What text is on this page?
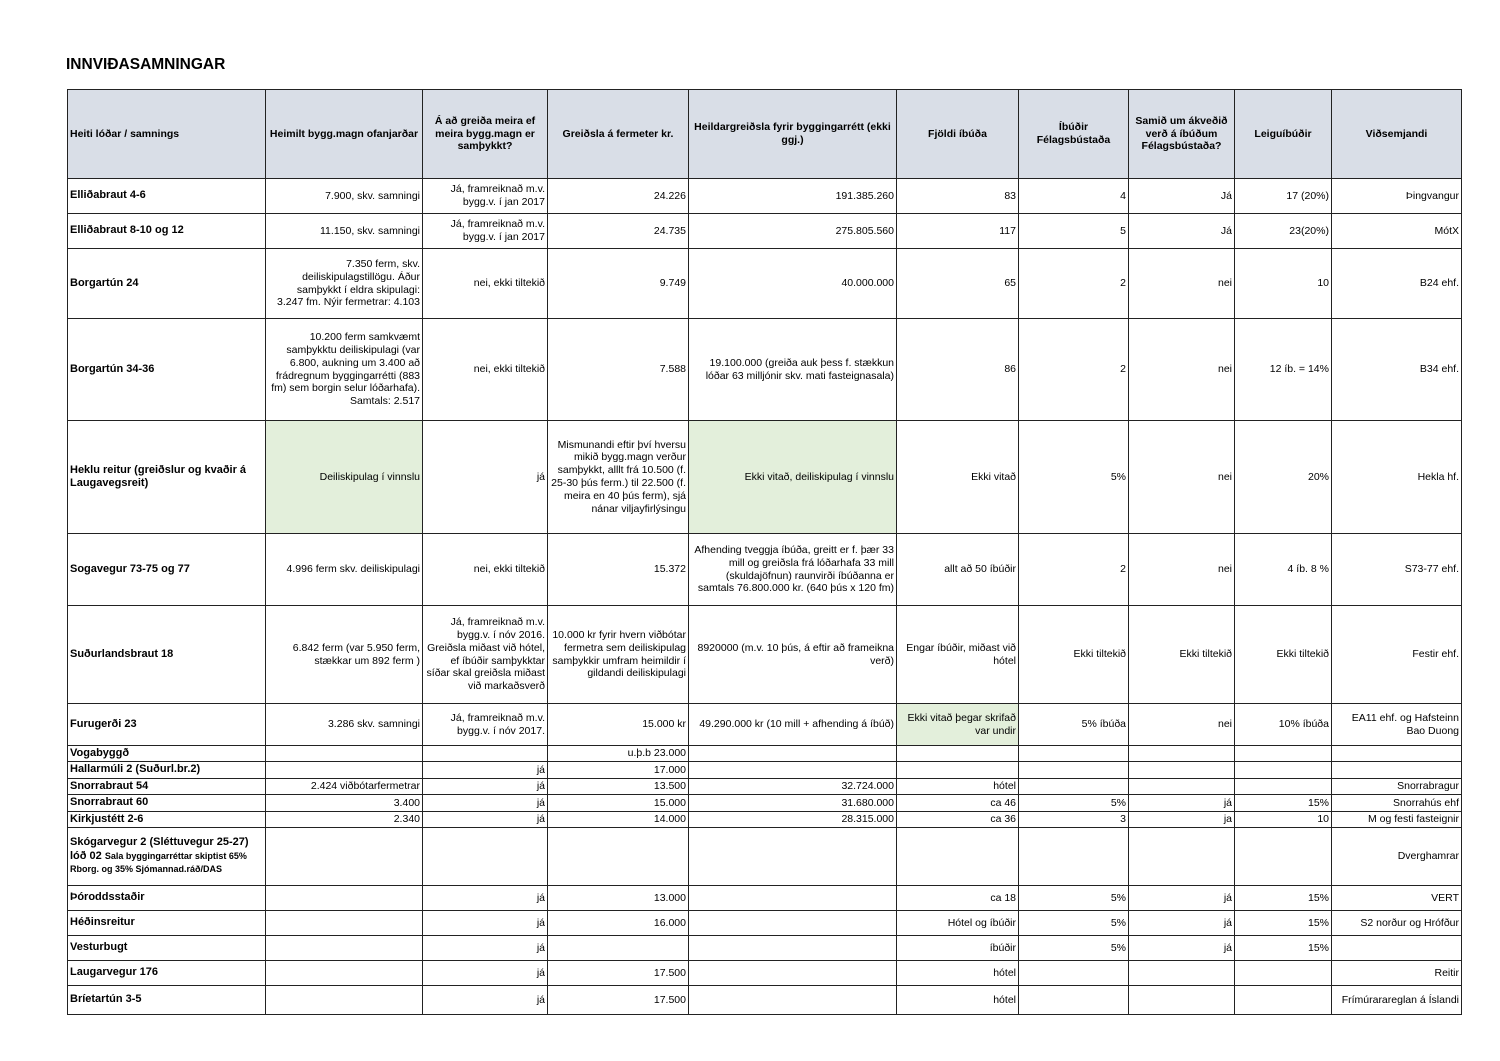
INNVIÐASAMNINGAR
Heiti lóðar / samnings	Heimilt bygg.magn ofanjarðar	Á að greiða meira ef meira bygg.magn er samþykkt?	Greiðsla á fermeter kr.	Heildargreiðsla fyrir byggingarrétt (ekki ggj.)	Fjöldi íbúða	Íbúðir Félagsbústaða	Samið um ákveðið verð á íbúðum Félagsbústaða?	Leiguíbúðir	Viðsemjandi
Elliðabraut 4-6	7.900, skv. samningi	Já, framreiknað m.v. bygg.v. í jan 2017	24.226	191.385.260	83	4	Já	17 (20%)	Þingvangur
Elliðabraut 8-10 og 12	11.150, skv. samningi	Já, framreiknað m.v. bygg.v. í jan 2017	24.735	275.805.560	117	5	Já	23(20%)	MótX
Borgartún 24	7.350 ferm, skv. deiliskipulagstillögu. Áður samþykkt í eldra skipulagi: 3.247 fm. Nýir fermetrar: 4.103	nei, ekki tiltekið	9.749	40.000.000	65	2	nei	10	B24 ehf.
Borgartún 34-36	10.200 ferm samkvæmt samþykktu deiliskipulagi (var 6.800, aukning um 3.400 að frádregnum byggingarrétti (883 fm) sem borgin selur lóðarhafa). Samtals: 2.517	nei, ekki tiltekið	7.588	19.100.000 (greiða auk þess f. stækkun lóðar 63 milljónir skv. mati fasteignasala)	86	2	nei	12 íb. = 14%	B34 ehf.
Heklu reitur (greiðslur og kvaðir á Laugavegsreit)	Deiliskipulag í vinnslu	já	Mismunandi eftir því hversu mikið bygg.magn verður samþykkt, alllt frá 10.500 (f. 25-30 þús ferm.) til 22.500 (f. meira en 40 þús ferm), sjá nánar viljayfirlýsingu	Ekki vitað, deiliskipulag í vinnslu	Ekki vitað	5%	nei	20%	Hekla hf.
Sogavegur 73-75 og 77	4.996 ferm skv. deiliskipulagi	nei, ekki tiltekið	15.372	Afhending tveggja íbúða, greitt er f. þær 33 mill og greiðsla frá lóðarhafa 33 mill (skuldajöfnun) raunvirði íbúðanna er samtals 76.800.000 kr. (640 þús x 120 fm)	allt að 50 íbúðir	2	nei	4 íb. 8 %	S73-77 ehf.
Suðurlandsbraut 18	6.842 ferm (var 5.950 ferm, stækkar um 892 ferm )	Já, framreiknað m.v. bygg.v. í nóv 2016. Greiðsla miðast við hótel, ef íbúðir samþykktar síðar skal greiðsla miðast við markaðsverð	10.000 kr fyrir hvern viðbótar fermetra sem deiliskipulag samþykkir umfram heimildir í gildandi deiliskipulagi	8920000 (m.v. 10 þús, á eftir að frameikna verð)	Engar íbúðir, miðast við hótel	Ekki tiltekið	Ekki tiltekið	Ekki tiltekið	Festir ehf.
Furugerði 23	3.286 skv. samningi	Já, framreiknað m.v. bygg.v. í nóv 2017.	15.000 kr	49.290.000 kr (10 mill + afhending á íbúð)	Ekki vitað þegar skrifað var undir	5% íbúða	nei	10% íbúða	EA11 ehf. og Hafsteinn Bao Duong
Vogabyggð			u.þ.b 23.000						
Hallarmúli 2 (Suðurl.br.2)		já	17.000						
Snorrabraut 54	2.424 viðbótarfermetrar	já	13.500	32.724.000	hótel				Snorrabragur
Snorrabraut 60	3.400	já	15.000	31.680.000	ca 46	5%	já	15%	Snorrahús ehf
Kirkjustétt 2-6	2.340	já	14.000	28.315.000	ca 36	3	ja	10	M og festi fasteignir
Skógarvegur 2 (Sléttuvegur 25-27) lóð 02 Sala byggingarréttar skiptist 65% Rborg. og 35% Sjómannad.ráð/DAS									Dverghamrar
Þóroddsstaðir		já	13.000		ca 18	5%	já	15%	VERT
Héðinsreitur		já	16.000		Hótel og íbúðir	5%	já	15%	S2 norður og Hrófður
Vesturbugt		já			íbúðir	5%	já	15%	
Laugarvegur 176		já	17.500		hótel				Reitir
Bríetartún 3-5		já	17.500		hótel				Frímúrarareglan á Íslandi
